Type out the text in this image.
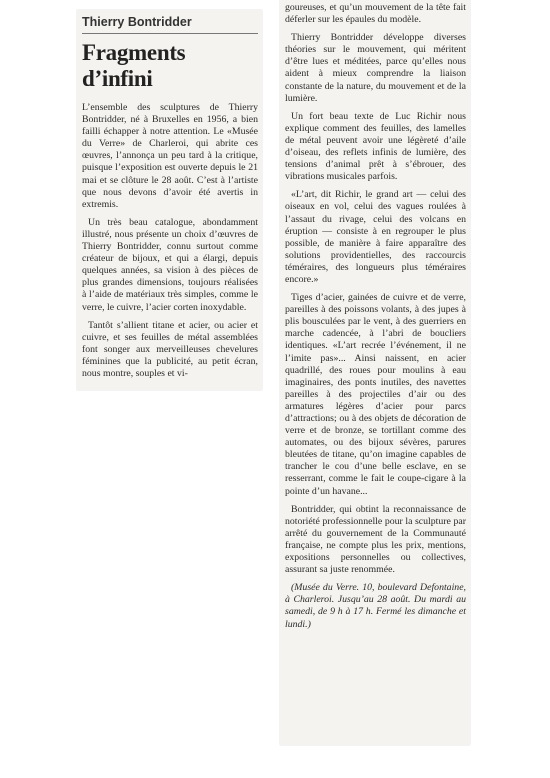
Thierry Bontridder
Fragments d’infini

L’ensemble des sculptures de Thierry Bontridder, né à Bruxelles en 1956, a bien failli échapper à notre attention. Le «Musée du Verre» de Charleroi, qui abrite ces œuvres, l’annonça un peu tard à la critique, puisque l’exposition est ouverte depuis le 21 mai et se clôture le 28 août. C’est à l’artiste que nous devons d’avoir été avertis in extremis.

Un très beau catalogue, abondamment illustré, nous présente un choix d’œuvres de Thierry Bontridder, connu surtout comme créateur de bijoux, et qui a élargi, depuis quelques années, sa vision à des pièces de plus grandes dimensions, toujours réalisées à l’aide de matériaux très simples, comme le verre, le cuivre, l’acier corten inoxydable.

Tantôt s’allient titane et acier, ou acier et cuivre, et ses feuilles de métal assemblées font songer aux merveilleuses chevelures féminines que la publicité, au petit écran, nous montre, souples et vi-

goureuses, et qu’un mouvement de la tête fait déferler sur les épaules du modèle.

Thierry Bontridder développe diverses théories sur le mouvement, qui méritent d’être lues et méditées, parce qu’elles nous aident à mieux comprendre la liaison constante de la nature, du mouvement et de la lumière.

Un fort beau texte de Luc Richir nous explique comment des feuilles, des lamelles de métal peuvent avoir une légèreté d’aile d’oiseau, des reflets infinis de lumière, des tensions d’animal prêt à s’ébrouer, des vibrations musicales parfois.

«L’art, dit Richir, le grand art — celui des oiseaux en vol, celui des vagues roulées à l’assaut du rivage, celui des volcans en éruption — consiste à en regrouper le plus possible, de manière à faire apparaître des solutions providentielles, des raccourcis téméraires, des longueurs plus téméraires encore.»

Tiges d’acier, gainées de cuivre et de verre, pareilles à des poissons volants, à des jupes à plis bousculées par le vent, à des guerriers en marche cadencée, à l’abri de boucliers identiques. «L’art recrée l’événement, il ne l’imite pas»... Ainsi naissent, en acier quadrillé, des roues pour moulins à eau imaginaires, des ponts inutiles, des navettes pareilles à des projectiles d’air ou des armatures légères d’acier pour parcs d’attractions; ou à des objets de décoration de verre et de bronze, se tortillant comme des automates, ou des bijoux sévères, parures bleutées de titane, qu’on imagine capables de trancher le cou d’une belle esclave, en se resserrant, comme le fait le coupe-cigare à la pointe d’un havane...

Bontridder, qui obtint la reconnaissance de notoriété professionnelle pour la sculpture par arrêté du gouvernement de la Communauté française, ne compte plus les prix, mentions, expositions personnelles ou collectives, assurant sa juste renommée.

(Musée du Verre. 10, boulevard Defontaine, à Charleroi. Jusqu’au 28 août. Du mardi au samedi, de 9 h à 17 h. Fermé les dimanche et lundi.)
